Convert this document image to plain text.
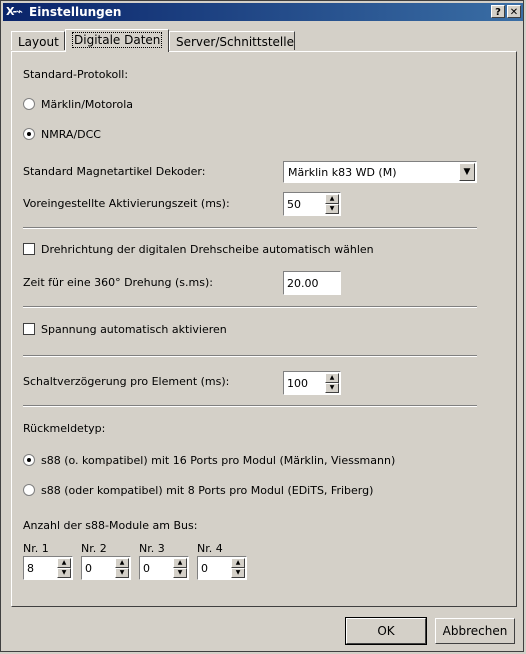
X-⌁ Einstellungen	? ✕
Layout	Digitale Daten	Server/Schnittstelle
Standard-Protokoll:
Märklin/Motorola
NMRA/DCC
Standard Magnetartikel Dekoder:	Märklin k83 WD (M)	▼
Voreingestellte Aktivierungszeit (ms):	50	▲
▼
Drehrichtung der digitalen Drehscheibe automatisch wählen
Zeit für eine 360° Drehung (s.ms):	20.00
Spannung automatisch aktivieren
Schaltverzögerung pro Element (ms):	100	▲
▼
Rückmeldetyp:
s88 (o. kompatibel) mit 16 Ports pro Modul (Märklin, Viessmann)
s88 (oder kompatibel) mit 8 Ports pro Modul (EDiTS, Friberg)
Anzahl der s88-Module am Bus:
Nr. 1
8	▲
▼
Nr. 2
0	▲
▼
Nr. 3
0	▲
▼
Nr. 4
0	▲
▼
OK	Abbrechen
